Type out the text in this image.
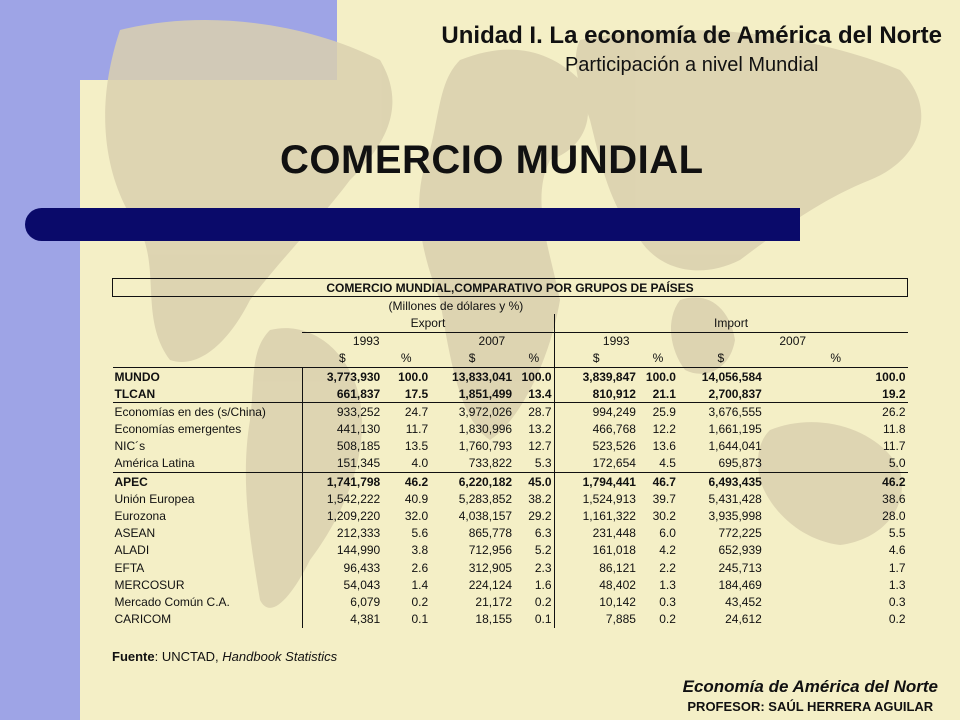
Unidad I. La economía de América del Norte
Participación a nivel Mundial
COMERCIO MUNDIAL
COMERCIO MUNDIAL,COMPARATIVO POR GRUPOS DE PAÍSES								
	(Millones de dólares y %)							
	Export				Import			
	1993		2007		1993		2007	
	$	%	$	%	$	%	$	%
MUNDO	3,773,930	100.0	13,833,041	100.0	3,839,847	100.0	14,056,584	100.0
TLCAN	661,837	17.5	1,851,499	13.4	810,912	21.1	2,700,837	19.2
Economías en des (s/China)	933,252	24.7	3,972,026	28.7	994,249	25.9	3,676,555	26.2
Economías emergentes	441,130	11.7	1,830,996	13.2	466,768	12.2	1,661,195	11.8
NIC´s	508,185	13.5	1,760,793	12.7	523,526	13.6	1,644,041	11.7
América Latina	151,345	4.0	733,822	5.3	172,654	4.5	695,873	5.0
APEC	1,741,798	46.2	6,220,182	45.0	1,794,441	46.7	6,493,435	46.2
Unión Europea	1,542,222	40.9	5,283,852	38.2	1,524,913	39.7	5,431,428	38.6
Eurozona	1,209,220	32.0	4,038,157	29.2	1,161,322	30.2	3,935,998	28.0
ASEAN	212,333	5.6	865,778	6.3	231,448	6.0	772,225	5.5
ALADI	144,990	3.8	712,956	5.2	161,018	4.2	652,939	4.6
EFTA	96,433	2.6	312,905	2.3	86,121	2.2	245,713	1.7
MERCOSUR	54,043	1.4	224,124	1.6	48,402	1.3	184,469	1.3
Mercado Común C.A.	6,079	0.2	21,172	0.2	10,142	0.3	43,452	0.3
CARICOM	4,381	0.1	18,155	0.1	7,885	0.2	24,612	0.2
Fuente: UNCTAD, Handbook Statistics
Economía de América del Norte
PROFESOR: SAÚL HERRERA AGUILAR
